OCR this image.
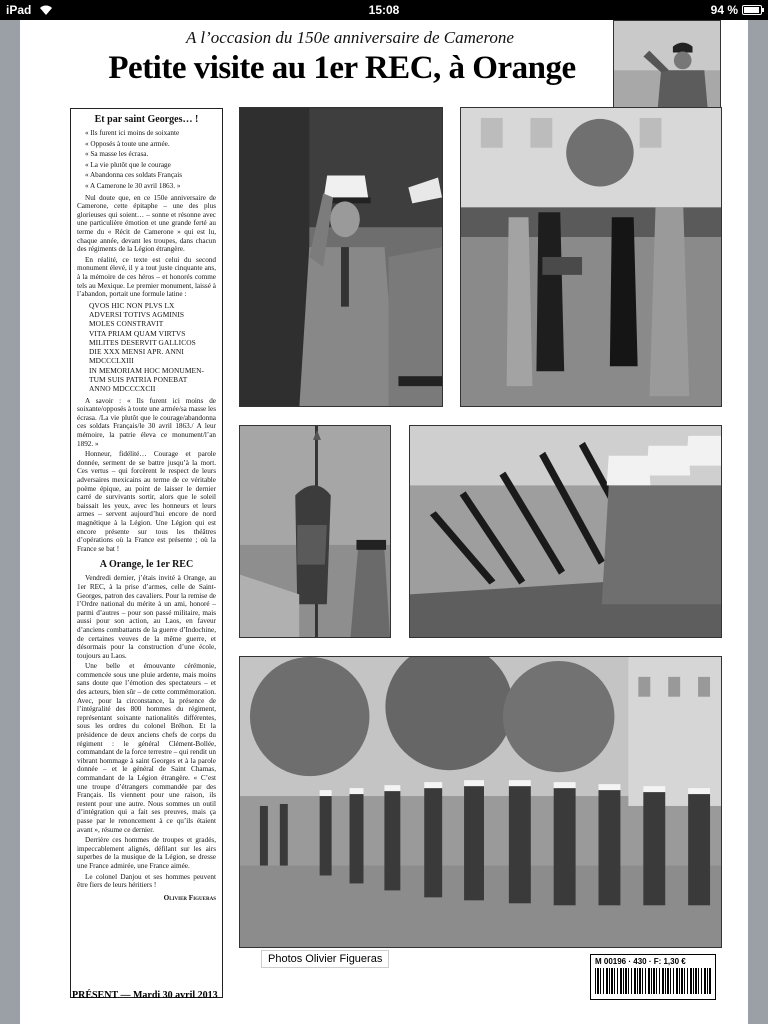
iPad	15:08	94 %
A l’occasion du 150e anniversaire de Camerone
Petite visite au 1er REC, à Orange
Et par saint Georges… !
« Ils furent ici moins de soixante
« Opposés à toute une armée.
« Sa masse les écrasa.
« La vie plutôt que le courage
« Abandonna ces soldats Français
« A Camerone le 30 avril 1863. »

Nul doute que, en ce 150e anniversaire de Camerone, cette épitaphe – une des plus glorieuses qui soient… – sonne et résonne avec une particulière émotion et une grande ferté au terme du « Récit de Camerone » qui est lu, chaque année, devant les troupes, dans chacun des régiments de la Légion étrangère.

En réalité, ce texte est celui du second monument élevé, il y a tout juste cinquante ans, à la mémoire de ces héros – et honorés comme tels au Mexique. Le premier monument, laissé à l’abandon, portait une formule latine :

QVOS HIC NON PLVS LX
ADVERSI TOTIVS AGMINIS
MOLES CONSTRAVIT
VITA PRIAM QUAM VIRTVS
MILITES DESERVIT GALLICOS
DIE XXX MENSI APR. ANNI
MDCCCLXIII
IN MEMORIAM HOC MONUMEN-
TUM SUIS PATRIA PONEBAT
ANNO MDCCCXCII

A savoir : « Ils furent ici moins de soixante/opposés à toute une armée/sa masse les écrasa. /La vie plutôt que le courage/abandonna ces soldats Français/le 30 avril 1863./ A leur mémoire, la patrie éleva ce monument/l’an 1892. »

Honneur, fidélité… Courage et parole donnée, serment de se battre jusqu’à la mort. Ces vertus – qui forcèrent le respect de leurs adversaires mexicains au terme de ce véritable poème épique, au point de laisser le dernier carré de survivants sortir, alors que le soleil baissait les yeux, avec les honneurs et leurs armes – servent aujourd’hui encore de nord magnétique à la Légion. Une Légion qui est encore présente sur tous les théâtres d’opérations où la France est présente ; où la France se bat !

A Orange, le 1er REC

Vendredi dernier, j’étais invité à Orange, au 1er REC, à la prise d’armes, celle de Saint-Georges, patron des cavaliers. Pour la remise de l’Ordre national du mérite à un ami, honoré – parmi d’autres – pour son passé militaire, mais aussi pour son action, au Laos, en faveur d’anciens combattants de la guerre d’Indochine, de certaines veuves de la même guerre, et désormais pour la construction d’une école, toujours au Laos.

Une belle et émouvante cérémonie, commencée sous une pluie ardente, mais moins sans doute que l’émotion des spectateurs – et des acteurs, bien sûr – de cette commémoration. Avec, pour la circonstance, la présence de l’intégralité des 800 hommes du régiment, représentant soixante nationalités différentes, sous les ordres du colonel Bréhon. Et la présidence de deux anciens chefs de corps du régiment : le général Clément-Bollée, commandant de la force terrestre – qui rendit un vibrant hommage à saint Georges et à la parole donnée – et le général de Saint Chamas, commandant de la Légion étrangère. « C’est une troupe d’étrangers commandée par des Français. Ils viennent pour une raison, ils restent pour une autre. Nous sommes un outil d’intégration qui a fait ses preuves, mais ça passe par le renoncement à ce qu’ils étaient avant », résume ce dernier.

Derrière ces hommes de troupes et gradés, impeccablement alignés, défilant sur les airs superbes de la musique de la Légion, se dresse une France admirée, une France aimée.

Le colonel Danjou et ses hommes peuvent être fiers de leurs héritiers !

Olivier Figueras
Photos Olivier Figueras	M 00196 · 430 · F: 1,30 €
PRÉSENT — Mardi 30 avril 2013
